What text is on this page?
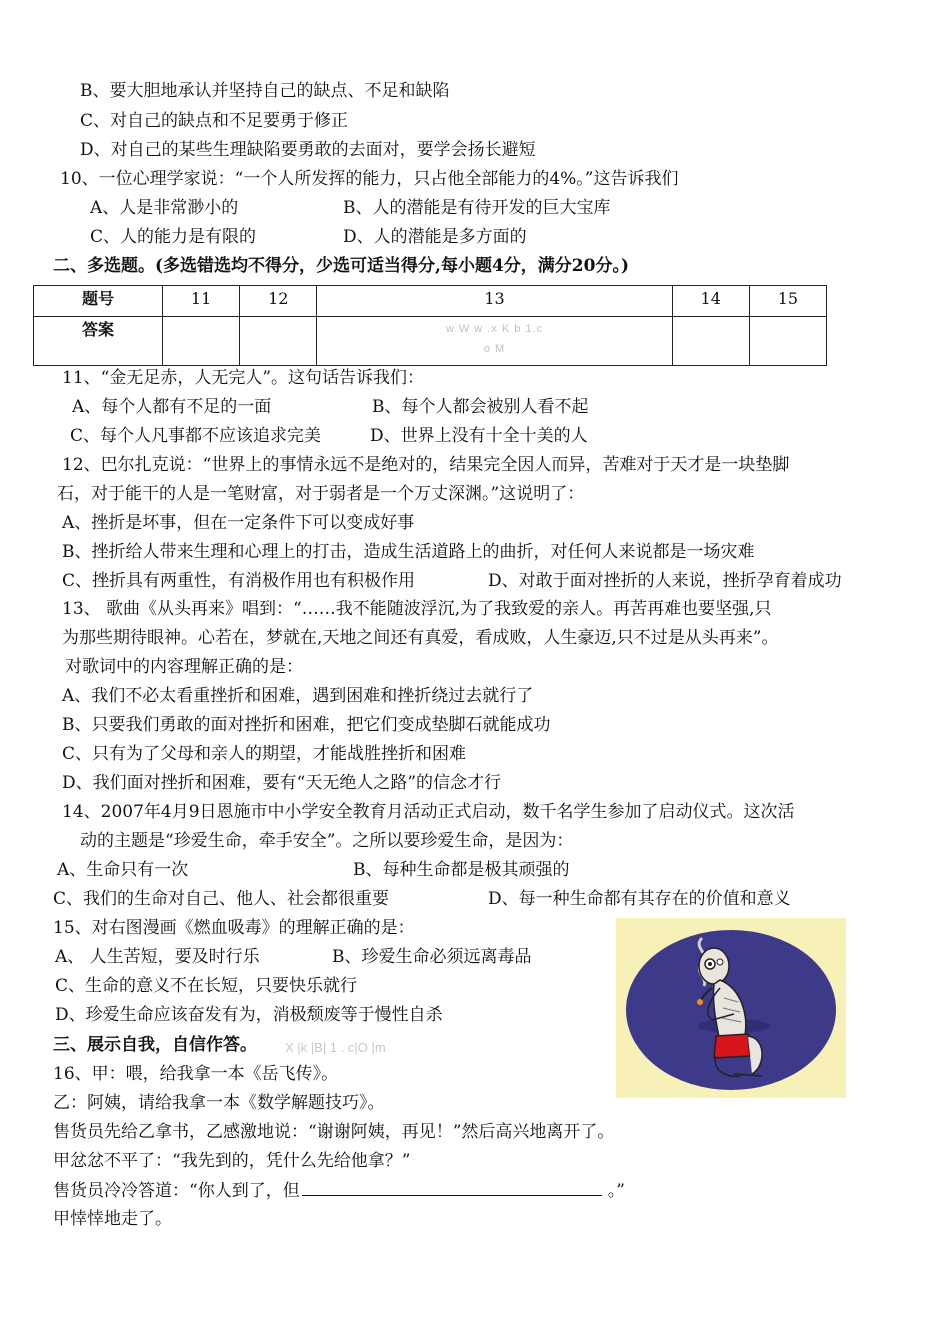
B、要大胆地承认并坚持自己的缺点、不足和缺陷
C、对自己的缺点和不足要勇于修正
D、对自己的某些生理缺陷要勇敢的去面对，要学会扬长避短
10、一位心理学家说：“一个人所发挥的能力，只占他全部能力的4%。”这告诉我们
A、人是非常渺小的	B、人的潜能是有待开发的巨大宝库
C、人的能力是有限的	D、人的潜能是多方面的
二、多选题。(多选错选均不得分，少选可适当得分,每小题4分，满分20分。)
题号	11	12	13	14	15
答案			w W w .x K b 1.c
o M		

11、“金无足赤，人无完人”。这句话告诉我们：
A、每个人都有不足的一面	B、每个人都会被别人看不起
C、每个人凡事都不应该追求完美	D、世界上没有十全十美的人
12、巴尔扎克说：“世界上的事情永远不是绝对的，结果完全因人而异，苦难对于天才是一块垫脚
石，对于能干的人是一笔财富，对于弱者是一个万丈深渊。”这说明了：
A、挫折是坏事，但在一定条件下可以变成好事
B、挫折给人带来生理和心理上的打击，造成生活道路上的曲折，对任何人来说都是一场灾难
C、挫折具有两重性，有消极作用也有积极作用	D、对敢于面对挫折的人来说，挫折孕育着成功
13、 歌曲《从头再来》唱到：“……我不能随波浮沉,为了我致爱的亲人。再苦再难也要坚强,只
为那些期待眼神。心若在，梦就在,天地之间还有真爱，看成败，人生豪迈,只不过是从头再来”。
对歌词中的内容理解正确的是：
A、我们不必太看重挫折和困难，遇到困难和挫折绕过去就行了
B、只要我们勇敢的面对挫折和困难，把它们变成垫脚石就能成功
C、只有为了父母和亲人的期望，才能战胜挫折和困难
D、我们面对挫折和困难，要有“天无绝人之路”的信念才行
14、2007年4月9日恩施市中小学安全教育月活动正式启动，数千名学生参加了启动仪式。这次活
动的主题是“珍爱生命，牵手安全”。之所以要珍爱生命，是因为：
A、生命只有一次	B、每种生命都是极其顽强的
C、我们的生命对自己、他人、社会都很重要	D、每一种生命都有其存在的价值和意义
15、对右图漫画《燃血吸毒》的理解正确的是：
A、 人生苦短，要及时行乐	B、珍爱生命必须远离毒品
C、生命的意义不在长短，只要快乐就行
D、珍爱生命应该奋发有为，消极颓废等于慢性自杀
三、展示自我，自信作答。 X |k |B| 1 . c|O |m
16、甲：喂，给我拿一本《岳飞传》。
乙：阿姨，请给我拿一本《数学解题技巧》。
售货员先给乙拿书，乙感激地说：“谢谢阿姨，再见！”然后高兴地离开了。
甲忿忿不平了：“我先到的，凭什么先给他拿？”
售货员冷冷答道：“你人到了，但	。”
甲悻悻地走了。
